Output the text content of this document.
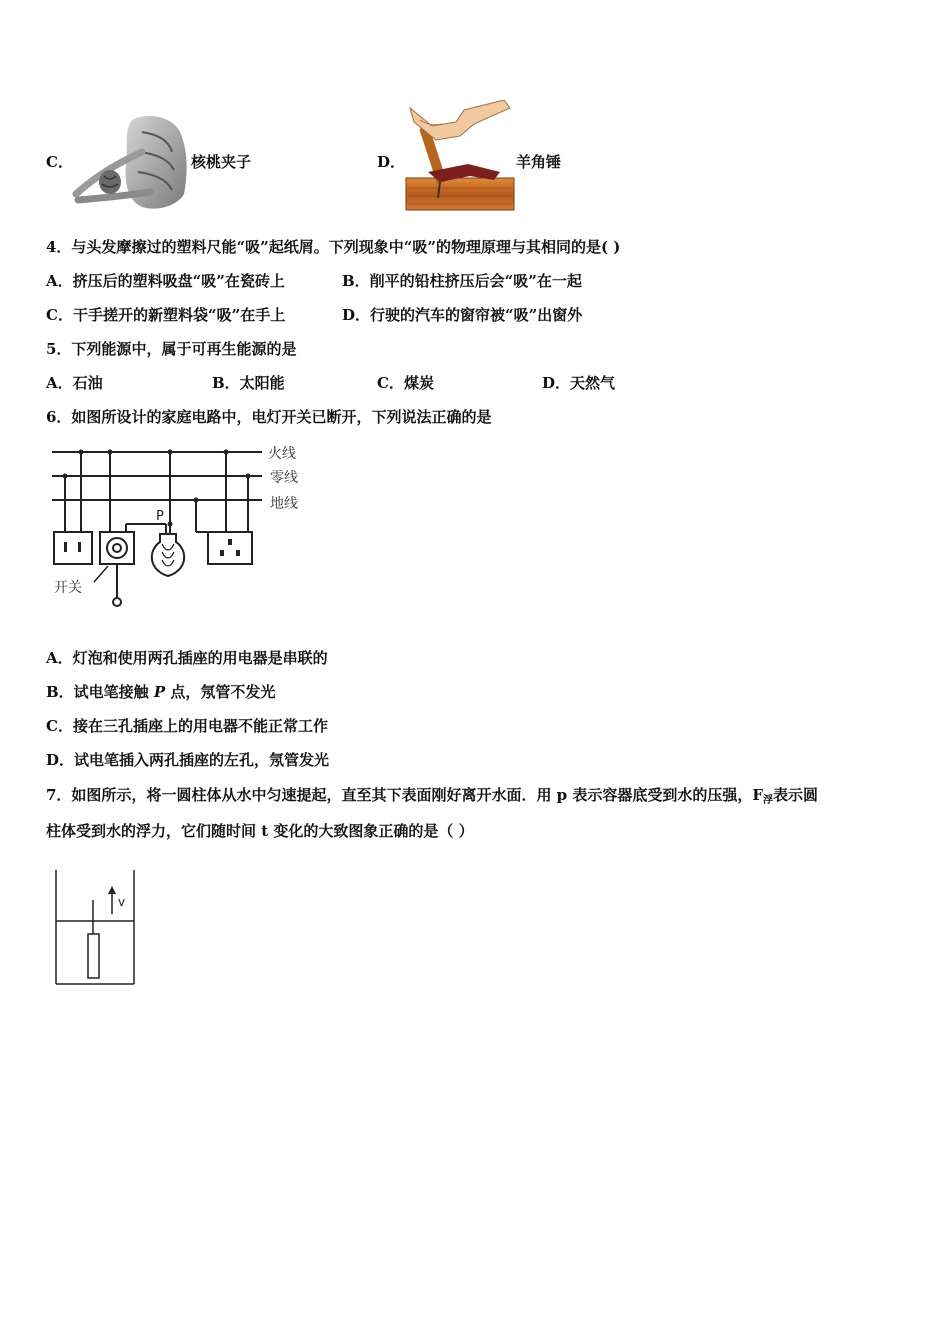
C．	核桃夹子	D．	羊角锤
4．与头发摩擦过的塑料尺能“吸”起纸屑。下列现象中“吸”的物理原理与其相同的是( )
A．挤压后的塑料吸盘“吸”在瓷砖上	B．削平的铅柱挤压后会“吸”在一起
C．干手搓开的新塑料袋“吸”在手上	D．行驶的汽车的窗帘被“吸”出窗外
5．下列能源中，属于可再生能源的是
A．石油	B．太阳能	C．煤炭	D．天然气
6．如图所设计的家庭电路中，电灯开关已断开，下列说法正确的是
火线
零线
地线
P
开关
A．灯泡和使用两孔插座的用电器是串联的
B．试电笔接触 P 点，氖管不发光
C．接在三孔插座上的用电器不能正常工作
D．试电笔插入两孔插座的左孔，氖管发光
7．如图所示，将一圆柱体从水中匀速提起，直至其下表面刚好离开水面．用 p 表示容器底受到水的压强，$F_浮$表示圆
柱体受到水的浮力，它们随时间 t 变化的大致图象正确的是（ ）
v
